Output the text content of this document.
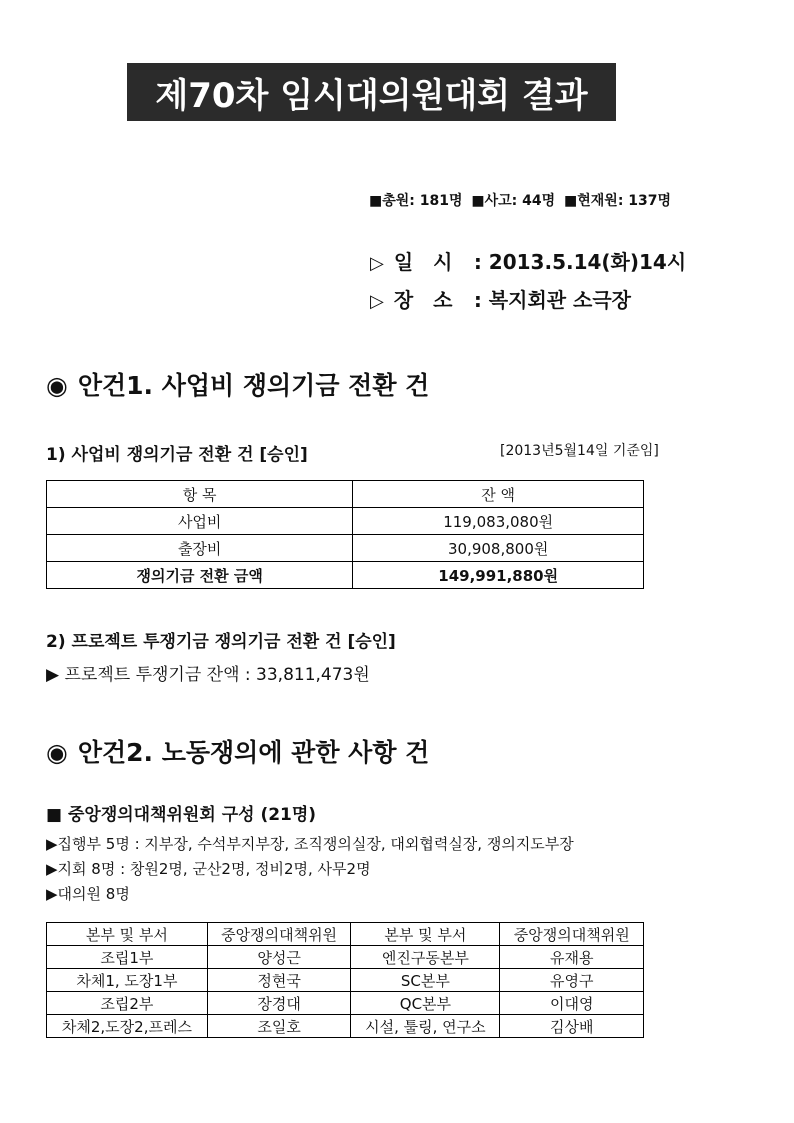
제70차 임시대의원대회 결과
■총원: 181명 ■사고: 44명 ■현재원: 137명
▷ 일　시 : 2013.5.14(화)14시
▷ 장　소 : 복지회관 소극장
◉ 안건1. 사업비 쟁의기금 전환 건
1) 사업비 쟁의기금 전환 건 [승인]	[2013년5월14일 기준임]
항 목	잔 액
사업비	119,083,080원
출장비	30,908,800원
쟁의기금 전환 금액	149,991,880원
2) 프로젝트 투쟁기금 쟁의기금 전환 건 [승인]
▶ 프로젝트 투쟁기금 잔액 : 33,811,473원
◉ 안건2. 노동쟁의에 관한 사항 건
■ 중앙쟁의대책위원회 구성 (21명)
▶집행부 5명 : 지부장, 수석부지부장, 조직쟁의실장, 대외협력실장, 쟁의지도부장
▶지회 8명 : 창원2명, 군산2명, 정비2명, 사무2명
▶대의원 8명
본부 및 부서	중앙쟁의대책위원	본부 및 부서	중앙쟁의대책위원
조립1부	양성근	엔진구동본부	유재용
차체1, 도장1부	정현국	SC본부	유영구
조립2부	장경대	QC본부	이대영
차체2,도장2,프레스	조일호	시설, 툴링, 연구소	김상배
